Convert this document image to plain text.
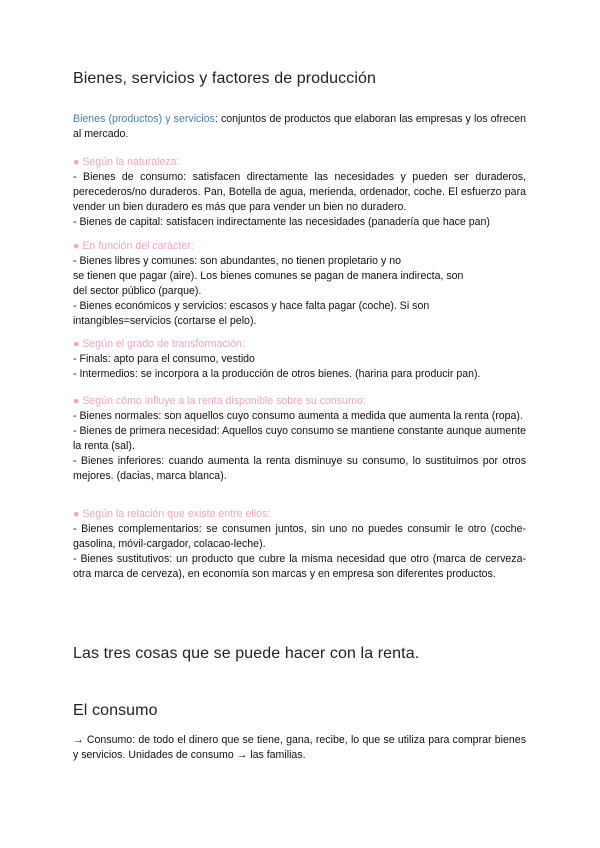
Bienes, servicios y factores de producción

Bienes (productos) y servicios: conjuntos de productos que elaboran las empresas y los ofrecen al mercado.

● Según la naturaleza:

- Bienes de consumo: satisfacen directamente las necesidades y pueden ser duraderos, perecederos/no duraderos. Pan, Botella de agua, merienda, ordenador, coche. El esfuerzo para vender un bien duradero es más que para vender un bien no duradero.

- Bienes de capital: satisfacen indirectamente las necesidades (panadería que hace pan)

● En función del carácter:

- Bienes libres y comunes: son abundantes, no tienen propietario y no

se tienen que pagar (aire). Los bienes comunes se pagan de manera indirecta, son

del sector público (parque).

- Bienes económicos y servicios: escasos y hace falta pagar (coche). Si son

intangibles=servicios (cortarse el pelo).

● Según el grado de transformación:

- Finals: apto para el consumo, vestido

- Intermedios: se incorpora a la producción de otros bienes. (harina para producir pan).

● Según cómo influye a la renta disponible sobre su consumo:

- Bienes normales: son aquellos cuyo consumo aumenta a medida que aumenta la renta (ropa).

- Bienes de primera necesidad: Aquellos cuyo consumo se mantiene constante aunque aumente la renta (sal).

- Bienes inferiores: cuando aumenta la renta disminuye su consumo, lo sustituimos por otros mejores. (dacias, marca blanca).

● Según la relación que existe entre ellos:

- Bienes complementarios: se consumen juntos, sin uno no puedes consumir le otro (coche-gasolina, móvil-cargador, colacao-leche).

- Bienes sustitutivos: un producto que cubre la misma necesidad que otro (marca de cerveza-otra marca de cerveza), en economía son marcas y en empresa son diferentes productos.

Las tres cosas que se puede hacer con la renta.
El consumo

→ Consumo: de todo el dinero que se tiene, gana, recibe, lo que se utiliza para comprar bienes y servicios. Unidades de consumo → las familias.
